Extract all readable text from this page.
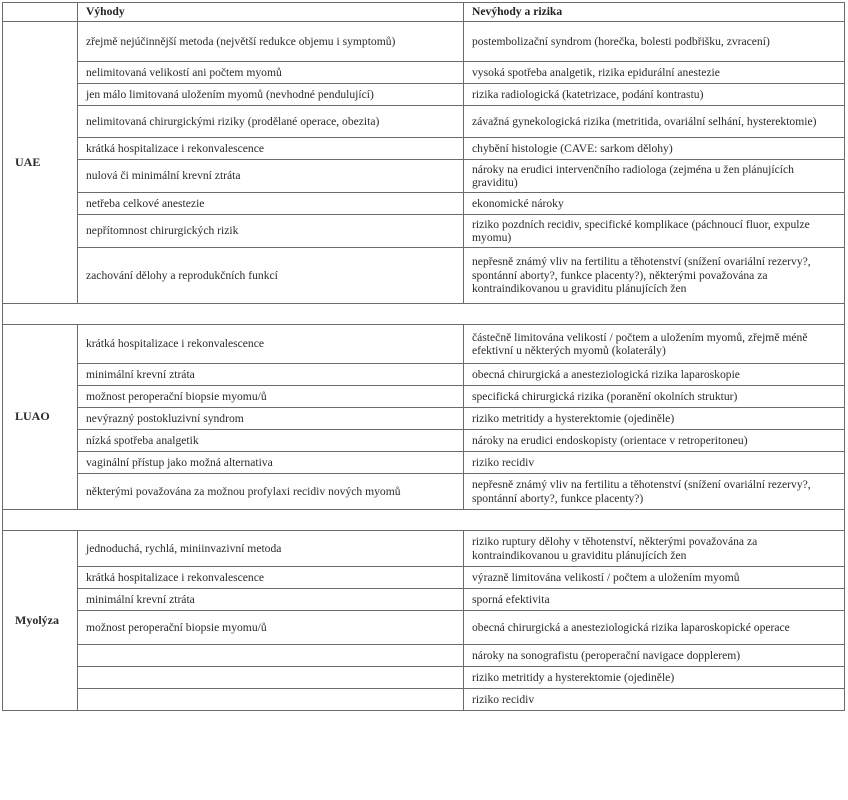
	Výhody	Nevýhody a rizika
UAE	zřejmě nejúčinnější metoda (největší redukce objemu i symptomů)	postembolizační syndrom (horečka, bolesti podbřišku, zvracení)
	nelimitovaná velikostí ani počtem myomů	vysoká spotřeba analgetik, rizika epidurální anestezie
	jen málo limitovaná uložením myomů (nevhodné pendulující)	rizika radiologická (katetrizace, podání kontrastu)
	nelimitovaná chirurgickými riziky (prodělané operace, obezita)	závažná gynekologická rizika (metritida, ovariální selhání, hysterektomie)
	krátká hospitalizace i rekonvalescence	chybění histologie (CAVE: sarkom dělohy)
	nulová či minimální krevní ztráta	nároky na erudici intervenčního radiologa (zejména u žen plánujících graviditu)
	netřeba celkové anestezie	ekonomické nároky
	nepřítomnost chirurgických rizik	riziko pozdních recidiv, specifické komplikace (páchnoucí fluor, expulze myomu)
	zachování dělohy a reprodukčních funkcí	nepřesně známý vliv na fertilitu a těhotenství (snížení ovariální rezervy?, spontánní aborty?, funkce placenty?), některými považována za kontraindikovanou u graviditu plánujících žen

LUAO	krátká hospitalizace i rekonvalescence	částečně limitována velikostí / počtem a uložením myomů, zřejmě méně efektivní u některých myomů (kolaterály)
	minimální krevní ztráta	obecná chirurgická a anesteziologická rizika laparoskopie
	možnost peroperační biopsie myomu/ů	specifická chirurgická rizika (poranění okolních struktur)
	nevýrazný postokluzivní syndrom	riziko metritidy a hysterektomie (ojediněle)
	nízká spotřeba analgetik	nároky na erudici endoskopisty (orientace v retroperitoneu)
	vaginální přístup jako možná alternativa	riziko recidiv
	některými považována za možnou profylaxi recidiv nových myomů	nepřesně známý vliv na fertilitu a těhotenství (snížení ovariální rezervy?, spontánní aborty?, funkce placenty?)

Myolýza	jednoduchá, rychlá, miniinvazivní metoda	riziko ruptury dělohy v těhotenství, některými považována za kontraindikovanou u graviditu plánujících žen
	krátká hospitalizace i rekonvalescence	výrazně limitována velikostí / počtem a uložením myomů
	minimální krevní ztráta	sporná efektivita
	možnost peroperační biopsie myomu/ů	obecná chirurgická a anesteziologická rizika laparoskopické operace
		nároky na sonografistu (peroperační navigace dopplerem)
		riziko metritidy a hysterektomie (ojediněle)
		riziko recidiv
